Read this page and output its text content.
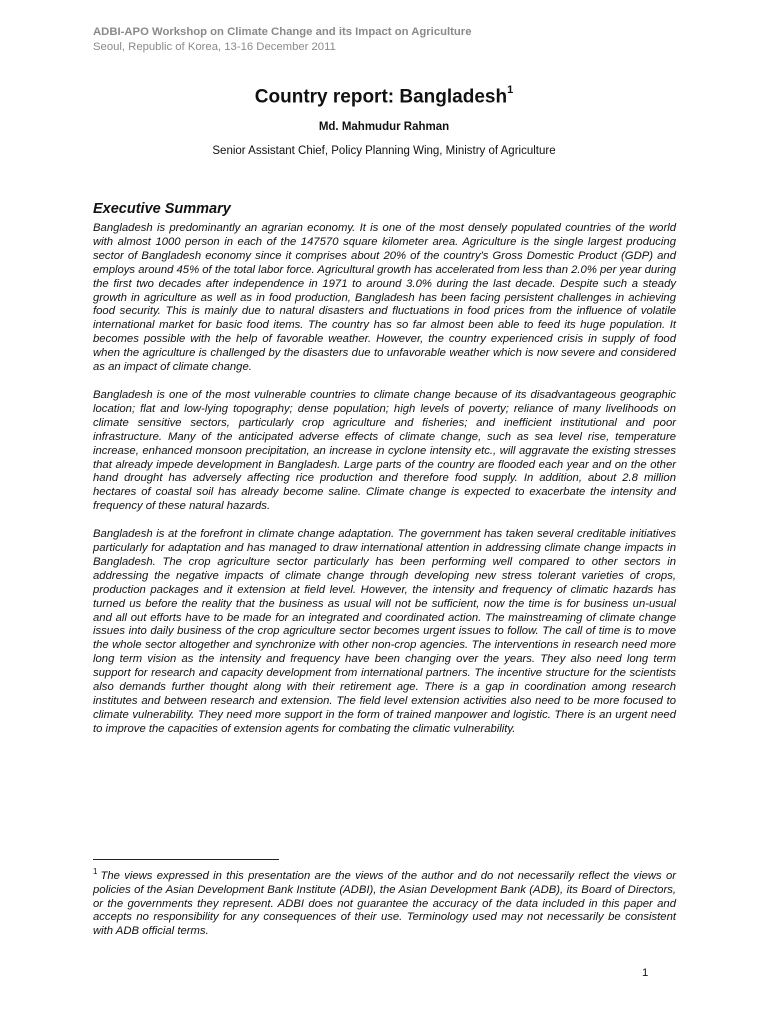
ADBI-APO Workshop on Climate Change and its Impact on Agriculture
Seoul, Republic of Korea, 13-16 December 2011
Country report: Bangladesh$^1$
Md. Mahmudur Rahman
Senior Assistant Chief, Policy Planning Wing, Ministry of Agriculture
Executive Summary

Bangladesh is predominantly an agrarian economy. It is one of the most densely populated countries of the world with almost 1000 person in each of the 147570 square kilometer area. Agriculture is the single largest producing sector of Bangladesh economy since it comprises about 20% of the country's Gross Domestic Product (GDP) and employs around 45% of the total labor force. Agricultural growth has accelerated from less than 2.0% per year during the first two decades after independence in 1971 to around 3.0% during the last decade. Despite such a steady growth in agriculture as well as in food production, Bangladesh has been facing persistent challenges in achieving food security. This is mainly due to natural disasters and fluctuations in food prices from the influence of volatile international market for basic food items. The country has so far almost been able to feed its huge population. It becomes possible with the help of favorable weather. However, the country experienced crisis in supply of food when the agriculture is challenged by the disasters due to unfavorable weather which is now severe and considered as an impact of climate change.

Bangladesh is one of the most vulnerable countries to climate change because of its disadvantageous geographic location; flat and low-lying topography; dense population; high levels of poverty; reliance of many livelihoods on climate sensitive sectors, particularly crop agriculture and fisheries; and inefficient institutional and poor infrastructure. Many of the anticipated adverse effects of climate change, such as sea level rise, temperature increase, enhanced monsoon precipitation, an increase in cyclone intensity etc., will aggravate the existing stresses that already impede development in Bangladesh. Large parts of the country are flooded each year and on the other hand drought has adversely affecting rice production and therefore food supply. In addition, about 2.8 million hectares of coastal soil has already become saline. Climate change is expected to exacerbate the intensity and frequency of these natural hazards.

Bangladesh is at the forefront in climate change adaptation. The government has taken several creditable initiatives particularly for adaptation and has managed to draw international attention in addressing climate change impacts in Bangladesh. The crop agriculture sector particularly has been performing well compared to other sectors in addressing the negative impacts of climate change through developing new stress tolerant varieties of crops, production packages and it extension at field level. However, the intensity and frequency of climatic hazards has turned us before the reality that the business as usual will not be sufficient, now the time is for business un-usual and all out efforts have to be made for an integrated and coordinated action. The mainstreaming of climate change issues into daily business of the crop agriculture sector becomes urgent issues to follow. The call of time is to move the whole sector altogether and synchronize with other non-crop agencies. The interventions in research need more long term vision as the intensity and frequency have been changing over the years. They also need long term support for research and capacity development from international partners. The incentive structure for the scientists also demands further thought along with their retirement age. There is a gap in coordination among research institutes and between research and extension. The field level extension activities also need to be more focused to climate vulnerability. They need more support in the form of trained manpower and logistic. There is an urgent need to improve the capacities of extension agents for combating the climatic vulnerability.

$^1$ The views expressed in this presentation are the views of the author and do not necessarily reflect the views or policies of the Asian Development Bank Institute (ADBI), the Asian Development Bank (ADB), its Board of Directors, or the governments they represent. ADBI does not guarantee the accuracy of the data included in this paper and accepts no responsibility for any consequences of their use. Terminology used may not necessarily be consistent with ADB official terms.
1
